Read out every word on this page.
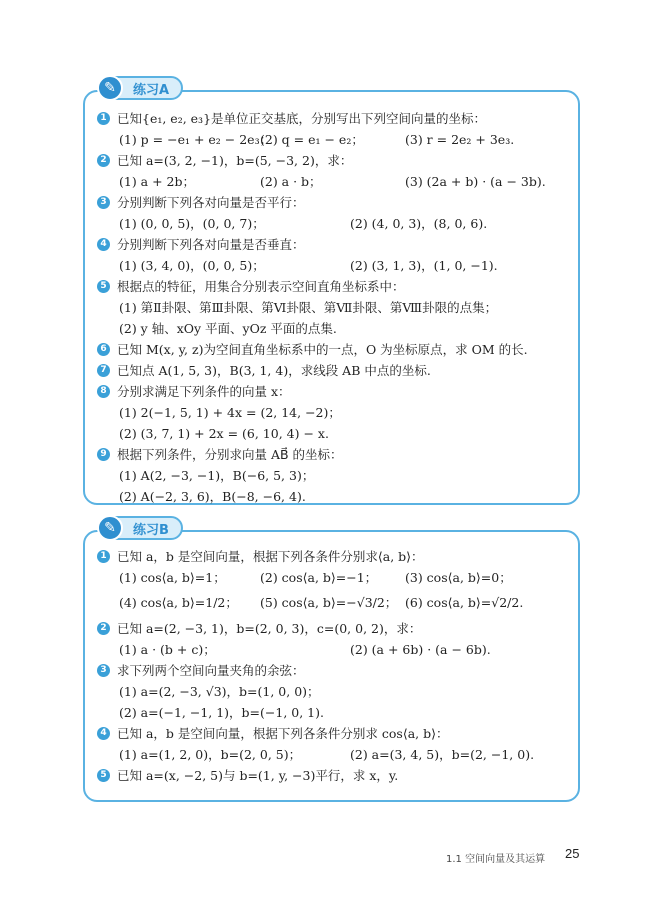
✎	练习A
1 已知{e₁, e₂, e₃}是单位正交基底，分别写出下列空间向量的坐标：
(1) p = −e₁ + e₂ − 2e₃；
(2) q = e₁ − e₂；	(3) r = 2e₂ + 3e₃.
2 已知 a=(3, 2, −1)，b=(5, −3, 2)，求：
(1) a + 2b；	(2) a · b；	(3) (2a + b) · (a − 3b).
3 分别判断下列各对向量是否平行：
(1) (0, 0, 5)，(0, 0, 7)；	(2) (4, 0, 3)，(8, 0, 6).
4 分别判断下列各对向量是否垂直：
(1) (3, 4, 0)，(0, 0, 5)；	(2) (3, 1, 3)，(1, 0, −1).
5 根据点的特征，用集合分别表示空间直角坐标系中：
(1) 第Ⅱ卦限、第Ⅲ卦限、第Ⅵ卦限、第Ⅶ卦限、第Ⅷ卦限的点集；
(2) y 轴、xOy 平面、yOz 平面的点集.
6 已知 M(x, y, z)为空间直角坐标系中的一点，O 为坐标原点，求 OM 的长.
7 已知点 A(1, 5, 3)，B(3, 1, 4)，求线段 AB 中点的坐标.
8 分别求满足下列条件的向量 x：
(1) 2(−1, 5, 1) + 4x = (2, 14, −2)；
(2) (3, 7, 1) + 2x = (6, 10, 4) − x.
9 根据下列条件，分别求向量 AB⃗ 的坐标：
(1) A(2, −3, −1)，B(−6, 5, 3)；
(2) A(−2, 3, 6)，B(−8, −6, 4).
✎	练习B
1 已知 a，b 是空间向量，根据下列各条件分别求⟨a, b⟩：
(1) cos⟨a, b⟩=1；	(2) cos⟨a, b⟩=−1； (3) cos⟨a, b⟩=0；
(4) cos⟨a, b⟩=1/2； (5) cos⟨a, b⟩=−√3/2； (6) cos⟨a, b⟩=√2/2.
2 已知 a=(2, −3, 1)，b=(2, 0, 3)，c=(0, 0, 2)，求：
(1) a · (b + c)；	(2) (a + 6b) · (a − 6b).
3 求下列两个空间向量夹角的余弦：
(1) a=(2, −3, √3)，b=(1, 0, 0)；
(2) a=(−1, −1, 1)，b=(−1, 0, 1).
4 已知 a，b 是空间向量，根据下列各条件分别求 cos⟨a, b⟩：
(1) a=(1, 2, 0)，b=(2, 0, 5)；	(2) a=(3, 4, 5)，b=(2, −1, 0).
5 已知 a=(x, −2, 5)与 b=(1, y, −3)平行，求 x，y.
1.1 空间向量及其运算 25
